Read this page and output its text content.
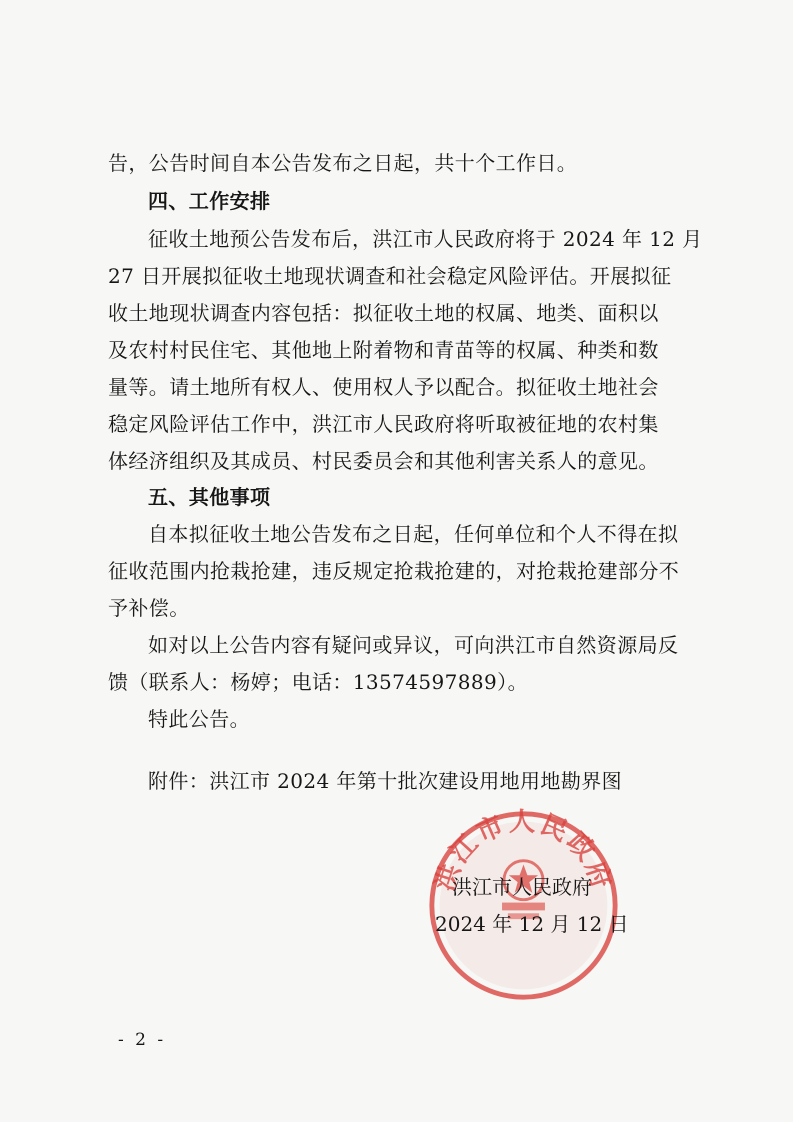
告，公告时间自本公告发布之日起，共十个工作日。
四、工作安排
征收土地预公告发布后，洪江市人民政府将于 2024 年 12 月
27 日开展拟征收土地现状调查和社会稳定风险评估。开展拟征
收土地现状调查内容包括：拟征收土地的权属、地类、面积以
及农村村民住宅、其他地上附着物和青苗等的权属、种类和数
量等。请土地所有权人、使用权人予以配合。拟征收土地社会
稳定风险评估工作中，洪江市人民政府将听取被征地的农村集
体经济组织及其成员、村民委员会和其他利害关系人的意见。
五、其他事项
自本拟征收土地公告发布之日起，任何单位和个人不得在拟
征收范围内抢栽抢建，违反规定抢栽抢建的，对抢栽抢建部分不
予补偿。
如对以上公告内容有疑问或异议，可向洪江市自然资源局反
馈（联系人：杨婷；电话：13574597889）。
特此公告。
附件：洪江市 2024 年第十批次建设用地用地勘界图
洪江市人民政府
洪江市人民政府
2024 年 12 月 12 日
- 2 -
